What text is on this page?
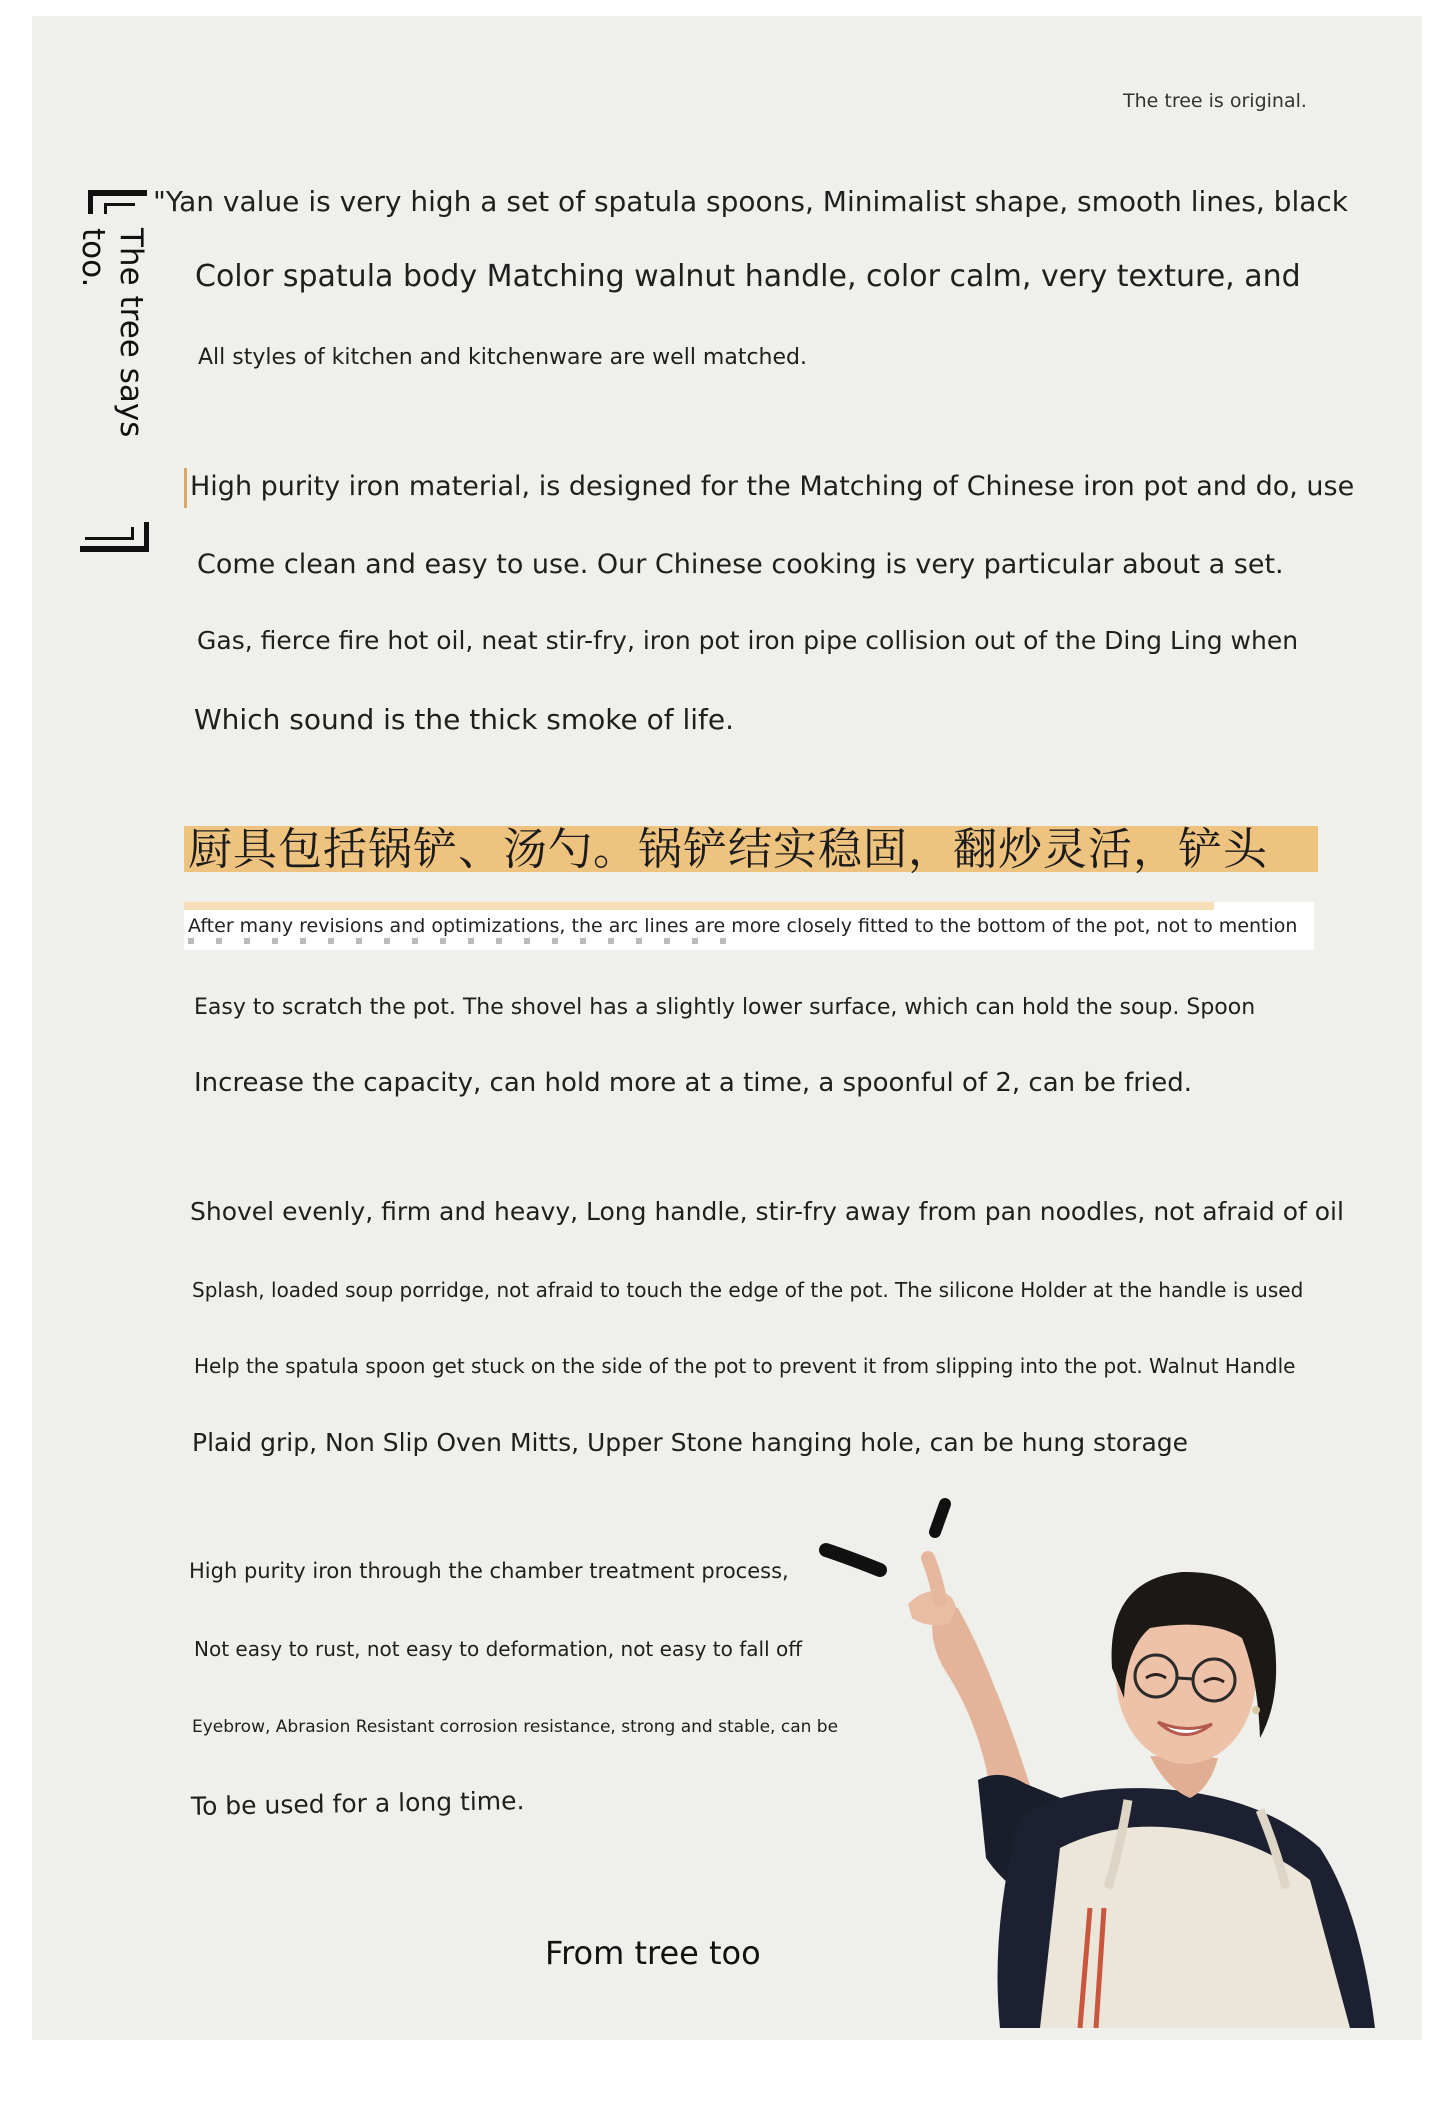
The tree is original.

The tree says
too.

"Yan value is very high a set of spatula spoons, Minimalist shape, smooth lines, black

Color spatula body Matching walnut handle, color calm, very texture, and

All styles of kitchen and kitchenware are well matched.

High purity iron material, is designed for the Matching of Chinese iron pot and do, use

Come clean and easy to use. Our Chinese cooking is very particular about a set.

Gas, fierce fire hot oil, neat stir-fry, iron pot iron pipe collision out of the Ding Ling when

Which sound is the thick smoke of life.

厨具包括锅铲、汤勺。锅铲结实稳固，翻炒灵活，铲头

After many revisions and optimizations, the arc lines are more closely fitted to the bottom of the pot, not to mention

Easy to scratch the pot. The shovel has a slightly lower surface, which can hold the soup. Spoon

Increase the capacity, can hold more at a time, a spoonful of 2, can be fried.

Shovel evenly, firm and heavy, Long handle, stir-fry away from pan noodles, not afraid of oil

Splash, loaded soup porridge, not afraid to touch the edge of the pot. The silicone Holder at the handle is used

Help the spatula spoon get stuck on the side of the pot to prevent it from slipping into the pot. Walnut Handle

Plaid grip, Non Slip Oven Mitts, Upper Stone hanging hole, can be hung storage

High purity iron through the chamber treatment process,

Not easy to rust, not easy to deformation, not easy to fall off

Eyebrow, Abrasion Resistant corrosion resistance, strong and stable, can be

To be used for a long time.

From tree too
